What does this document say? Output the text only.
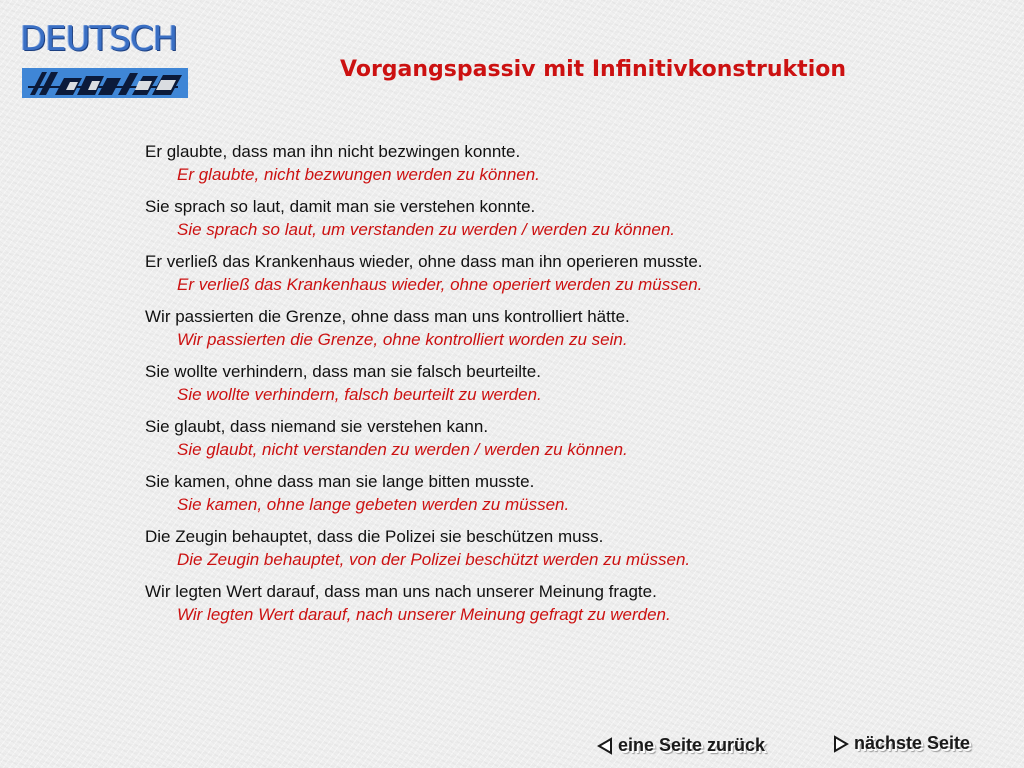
DEUTSCH
Vorgangspassiv mit Infinitivkonstruktion
Er glaubte, dass man ihn nicht bezwingen konnte.
Er glaubte, nicht bezwungen werden zu können.
Sie sprach so laut, damit man sie verstehen konnte.
Sie sprach so laut, um verstanden zu werden / werden zu können.
Er verließ das Krankenhaus wieder, ohne dass man ihn operieren musste.
Er verließ das Krankenhaus wieder, ohne operiert werden zu müssen.
Wir passierten die Grenze, ohne dass man uns kontrolliert hätte.
Wir passierten die Grenze, ohne kontrolliert worden zu sein.
Sie wollte verhindern, dass man sie falsch beurteilte.
Sie wollte verhindern, falsch beurteilt zu werden.
Sie glaubt, dass niemand sie verstehen kann.
Sie glaubt, nicht verstanden zu werden / werden zu können.
Sie kamen, ohne dass man sie lange bitten musste.
Sie kamen, ohne lange gebeten werden zu müssen.
Die Zeugin behauptet, dass die Polizei sie beschützen muss.
Die Zeugin behauptet, von der Polizei beschützt werden zu müssen.
Wir legten Wert darauf, dass man uns nach unserer Meinung fragte.
Wir legten Wert darauf, nach unserer Meinung gefragt zu werden.
eine Seite zurück	nächste Seite
